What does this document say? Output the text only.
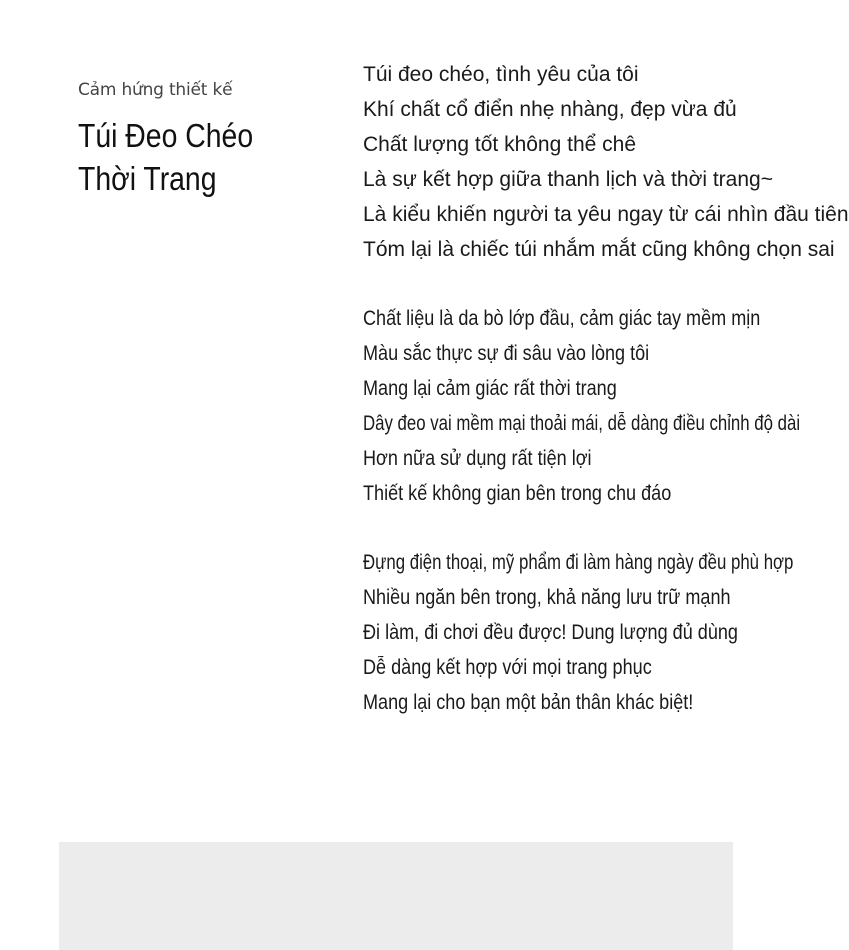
Cảm hứng thiết kế
Túi Đeo Chéo
Thời Trang
Túi đeo chéo, tình yêu của tôi
Khí chất cổ điển nhẹ nhàng, đẹp vừa đủ
Chất lượng tốt không thể chê
Là sự kết hợp giữa thanh lịch và thời trang~
Là kiểu khiến người ta yêu ngay từ cái nhìn đầu tiên
Tóm lại là chiếc túi nhắm mắt cũng không chọn sai
Chất liệu là da bò lớp đầu, cảm giác tay mềm mịn
Màu sắc thực sự đi sâu vào lòng tôi
Mang lại cảm giác rất thời trang
Dây đeo vai mềm mại thoải mái, dễ dàng điều chỉnh độ dài
Hơn nữa sử dụng rất tiện lợi
Thiết kế không gian bên trong chu đáo
Đựng điện thoại, mỹ phẩm đi làm hàng ngày đều phù hợp
Nhiều ngăn bên trong, khả năng lưu trữ mạnh
Đi làm, đi chơi đều được! Dung lượng đủ dùng
Dễ dàng kết hợp với mọi trang phục
Mang lại cho bạn một bản thân khác biệt!
